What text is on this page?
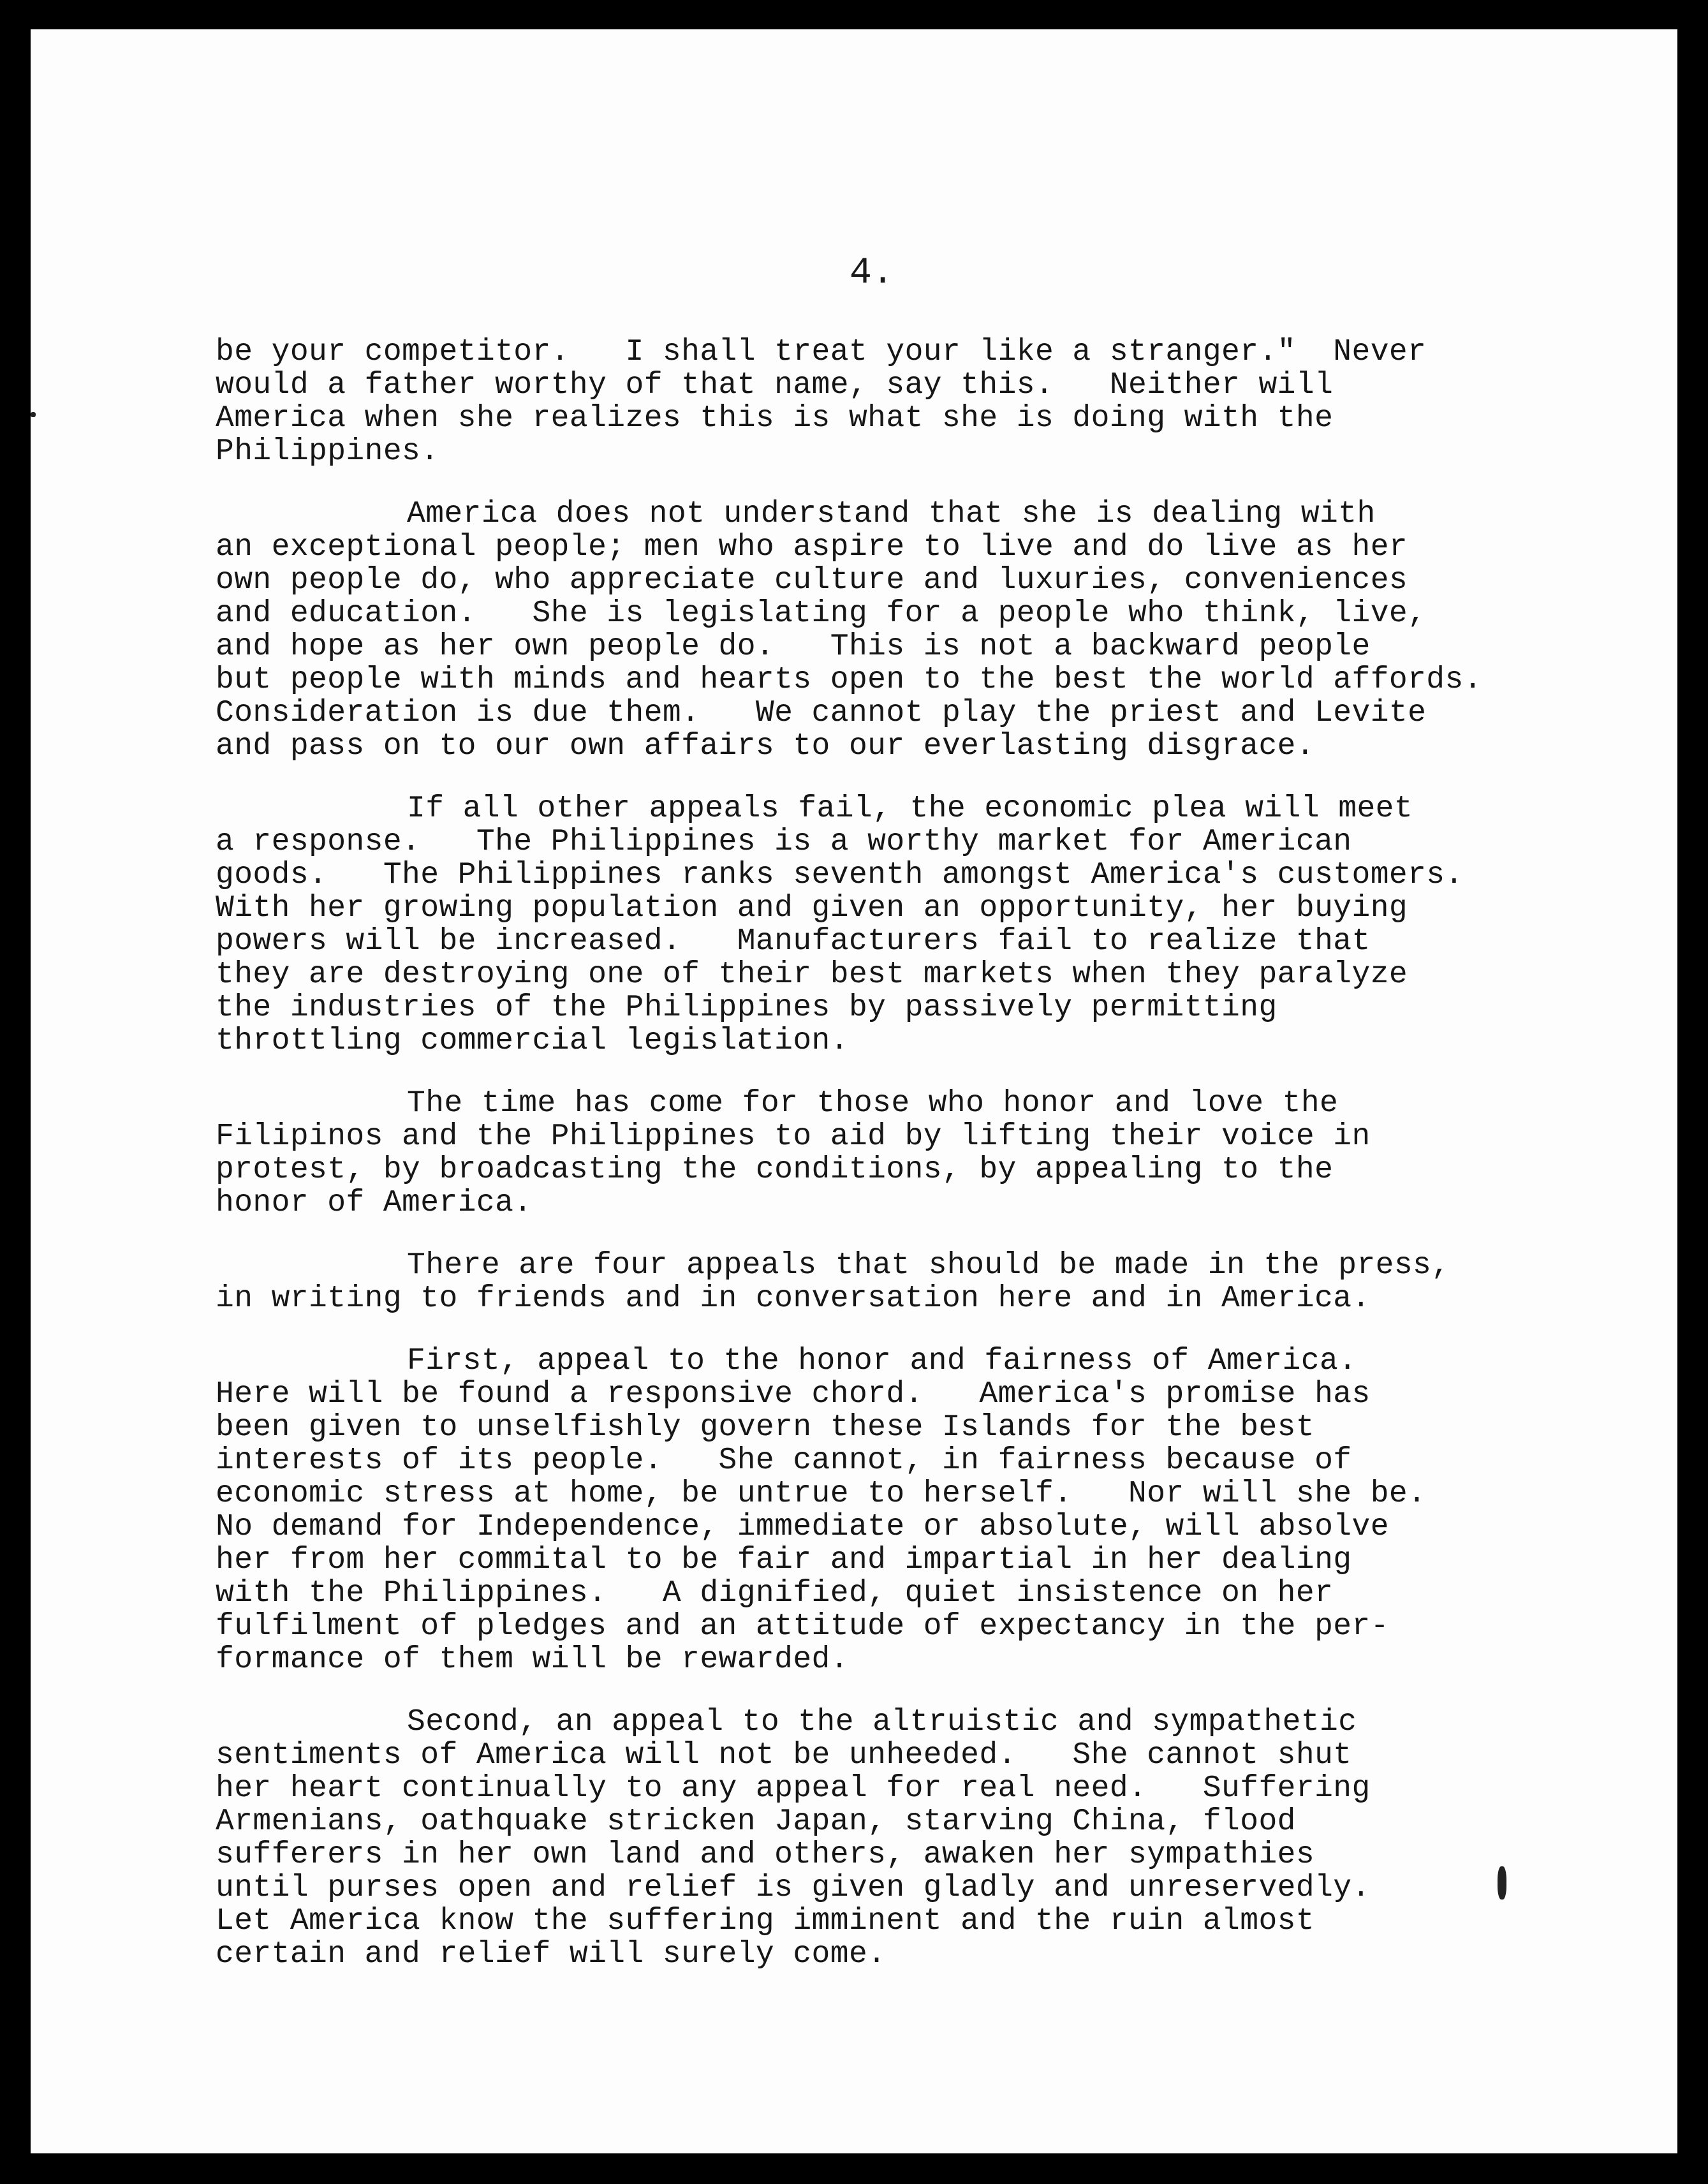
4.
be your competitor.   I shall treat your like a stranger."  Never
would a father worthy of that name, say this.   Neither will
America when she realizes this is what she is doing with the
Philippines.
America does not understand that she is dealing with
an exceptional people; men who aspire to live and do live as her
own people do, who appreciate culture and luxuries, conveniences
and education.   She is legislating for a people who think, live,
and hope as her own people do.   This is not a backward people
but people with minds and hearts open to the best the world affords.
Consideration is due them.   We cannot play the priest and Levite
and pass on to our own affairs to our everlasting disgrace.
If all other appeals fail, the economic plea will meet
a response.   The Philippines is a worthy market for American
goods.   The Philippines ranks seventh amongst America's customers.
With her growing population and given an opportunity, her buying
powers will be increased.   Manufacturers fail to realize that
they are destroying one of their best markets when they paralyze
the industries of the Philippines by passively permitting
throttling commercial legislation.
The time has come for those who honor and love the
Filipinos and the Philippines to aid by lifting their voice in
protest, by broadcasting the conditions, by appealing to the
honor of America.
There are four appeals that should be made in the press,
in writing to friends and in conversation here and in America.
First, appeal to the honor and fairness of America.
Here will be found a responsive chord.   America's promise has
been given to unselfishly govern these Islands for the best
interests of its people.   She cannot, in fairness because of
economic stress at home, be untrue to herself.   Nor will she be.
No demand for Independence, immediate or absolute, will absolve
her from her commital to be fair and impartial in her dealing
with the Philippines.   A dignified, quiet insistence on her
fulfilment of pledges and an attitude of expectancy in the per-
formance of them will be rewarded.
Second, an appeal to the altruistic and sympathetic
sentiments of America will not be unheeded.   She cannot shut
her heart continually to any appeal for real need.   Suffering
Armenians, oathquake stricken Japan, starving China, flood
sufferers in her own land and others, awaken her sympathies
until purses open and relief is given gladly and unreservedly.
Let America know the suffering imminent and the ruin almost
certain and relief will surely come.
